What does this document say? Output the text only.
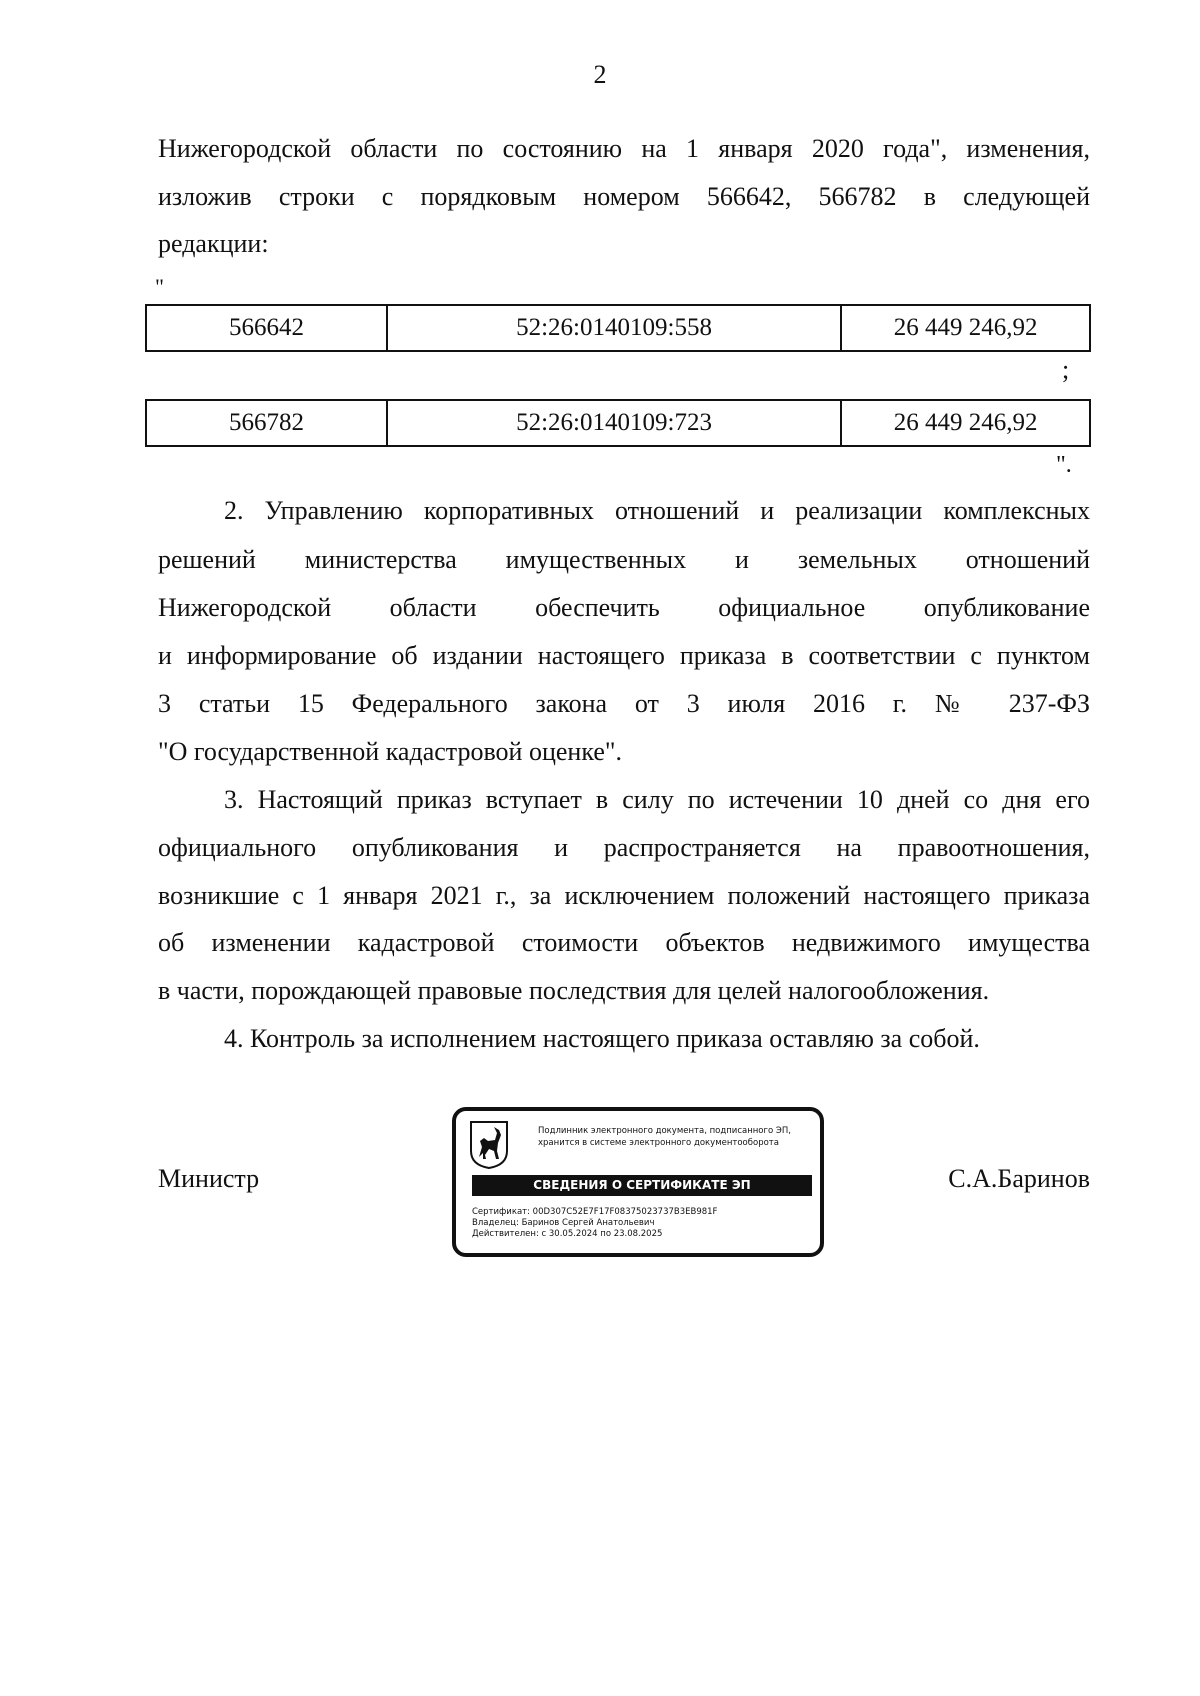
2
Нижегородской области по состоянию на 1 января 2020 года", изменения,
изложив строки с порядковым номером 566642, 566782 в следующей
редакции:
"
566642	52:26:0140109:558	26 449 246,92
;
566782	52:26:0140109:723	26 449 246,92
".
2. Управлению корпоративных отношений и реализации комплексных
решений министерства имущественных и земельных отношений
Нижегородской области обеспечить официальное опубликование
и информирование об издании настоящего приказа в соответствии с пунктом
3 статьи 15 Федерального закона от 3 июля 2016 г. № 237-ФЗ
"О государственной кадастровой оценке".
3. Настоящий приказ вступает в силу по истечении 10 дней со дня его
официального опубликования и распространяется на правоотношения,
возникшие с 1 января 2021 г., за исключением положений настоящего приказа
об изменении кадастровой стоимости объектов недвижимого имущества
в части, порождающей правовые последствия для целей налогообложения.
4. Контроль за исполнением настоящего приказа оставляю за собой.
Министр	С.А.Баринов
Подлинник электронного документа, подписанного ЭП,
хранится в системе электронного документооборота
СВЕДЕНИЯ О СЕРТИФИКАТЕ ЭП
Сертификат: 00D307C52E7F17F08375023737B3EB981F
Владелец: Баринов Сергей Анатольевич
Действителен: с 30.05.2024 по 23.08.2025
